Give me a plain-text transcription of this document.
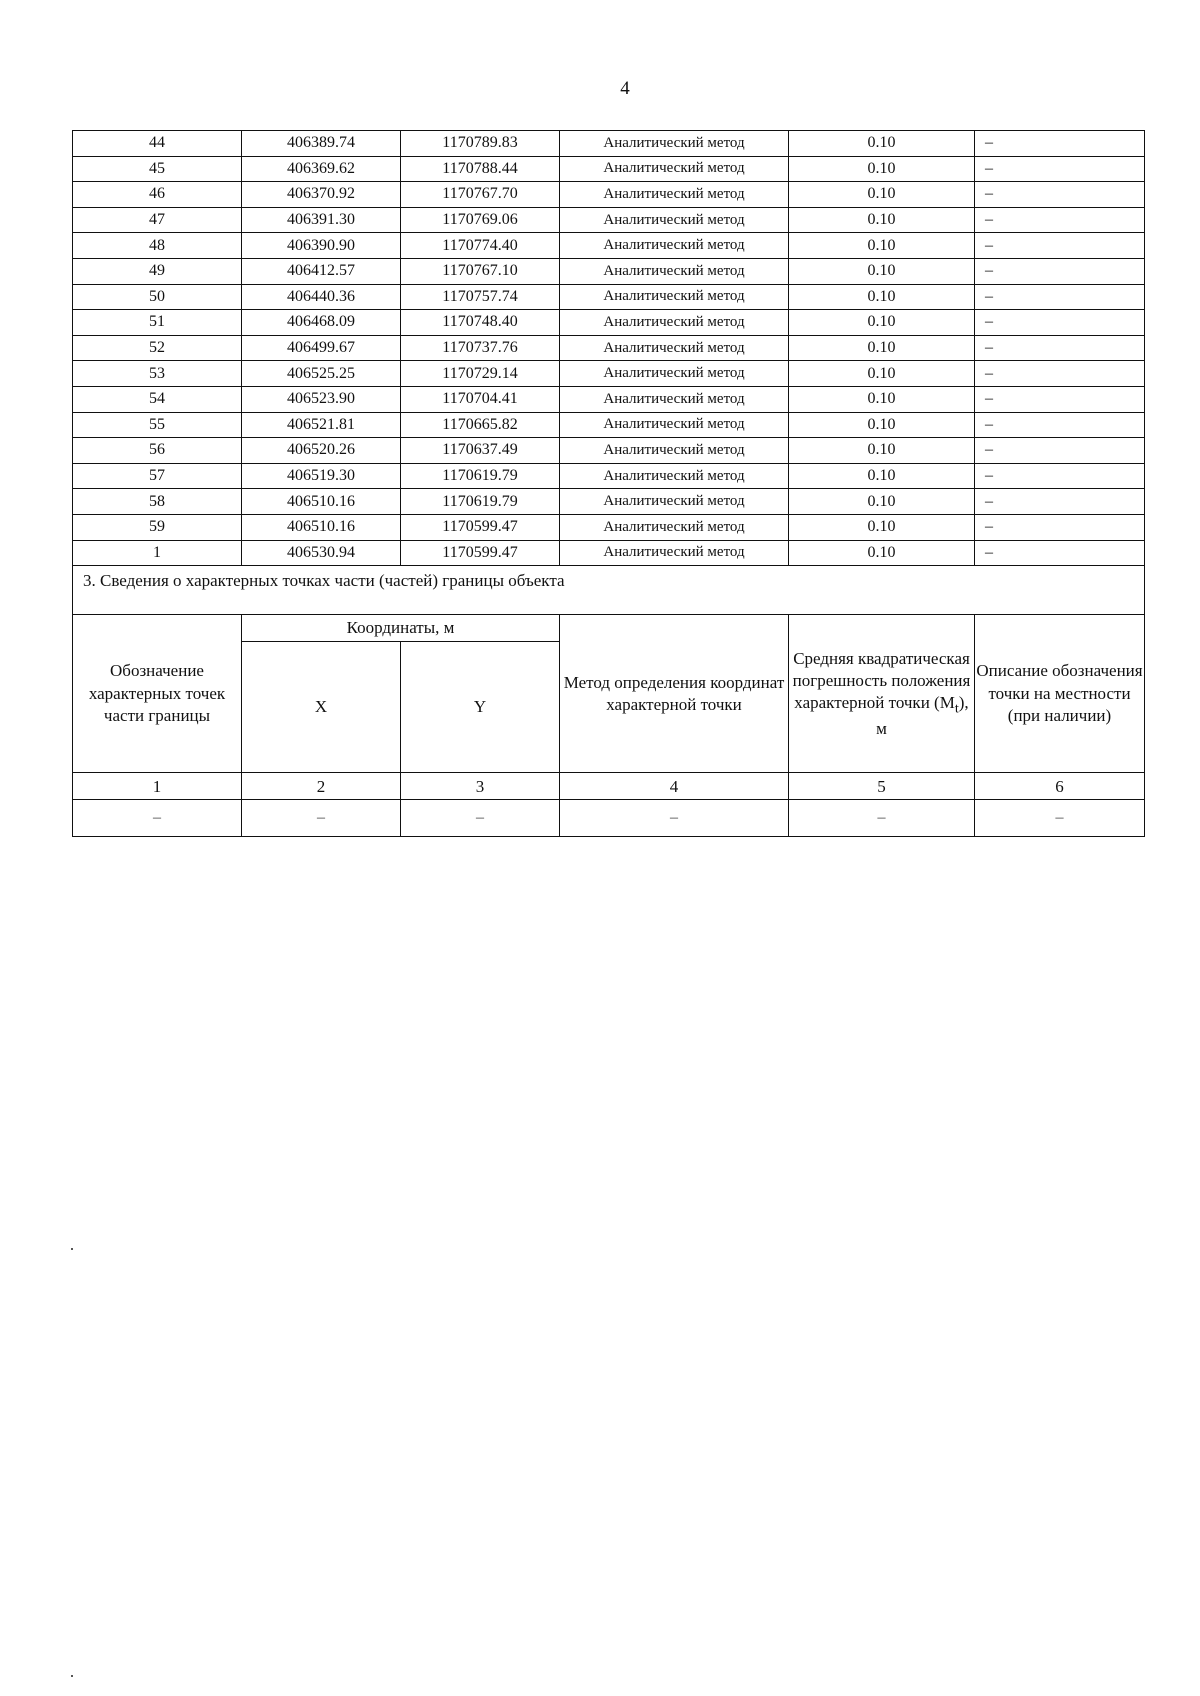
4
44	406389.74	1170789.83	Аналитический метод	0.10	–
45	406369.62	1170788.44	Аналитический метод	0.10	–
46	406370.92	1170767.70	Аналитический метод	0.10	–
47	406391.30	1170769.06	Аналитический метод	0.10	–
48	406390.90	1170774.40	Аналитический метод	0.10	–
49	406412.57	1170767.10	Аналитический метод	0.10	–
50	406440.36	1170757.74	Аналитический метод	0.10	–
51	406468.09	1170748.40	Аналитический метод	0.10	–
52	406499.67	1170737.76	Аналитический метод	0.10	–
53	406525.25	1170729.14	Аналитический метод	0.10	–
54	406523.90	1170704.41	Аналитический метод	0.10	–
55	406521.81	1170665.82	Аналитический метод	0.10	–
56	406520.26	1170637.49	Аналитический метод	0.10	–
57	406519.30	1170619.79	Аналитический метод	0.10	–
58	406510.16	1170619.79	Аналитический метод	0.10	–
59	406510.16	1170599.47	Аналитический метод	0.10	–
1	406530.94	1170599.47	Аналитический метод	0.10	–
3. Сведения о характерных точках части (частей) границы объекта					
Обозначение характерных точек части границы	Координаты, м		Метод определения координат характерной точки	Средняя квадратическая погрешность положения характерной точки $(M_t)$, м	Описание обозначения точки на местности (при наличии)
	X	Y			
1	2	3	4	5	6
–	–	–	–	–	–
